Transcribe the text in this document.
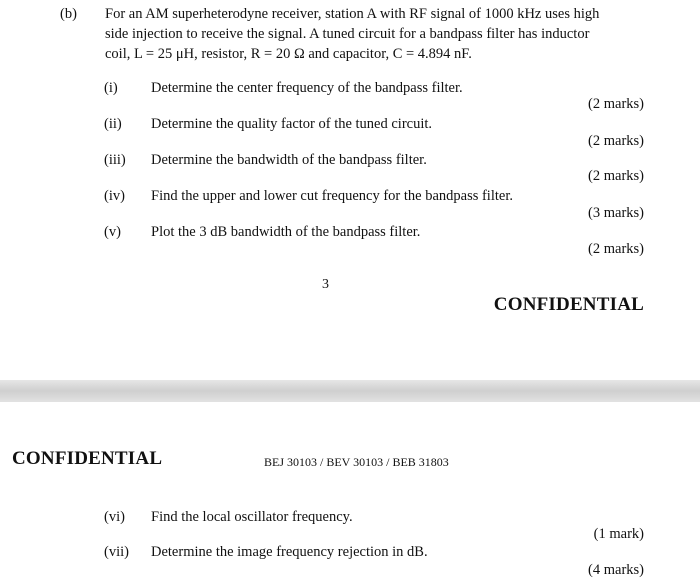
(b) For an AM superheterodyne receiver, station A with RF signal of 1000 kHz uses high
side injection to receive the signal. A tuned circuit for a bandpass filter has inductor
coil, L = 25 μH, resistor, R = 20 Ω and capacitor, C = 4.894 nF.
(i) Determine the center frequency of the bandpass filter.
(2 marks)
(ii) Determine the quality factor of the tuned circuit.
(2 marks)
(iii) Determine the bandwidth of the bandpass filter.
(2 marks)
(iv) Find the upper and lower cut frequency for the bandpass filter.
(3 marks)
(v) Plot the 3 dB bandwidth of the bandpass filter.
(2 marks)
3
CONFIDENTIAL
CONFIDENTIAL	BEJ 30103 / BEV 30103 / BEB 31803
(vi) Find the local oscillator frequency.
(1 mark)
(vii) Determine the image frequency rejection in dB.
(4 marks)
